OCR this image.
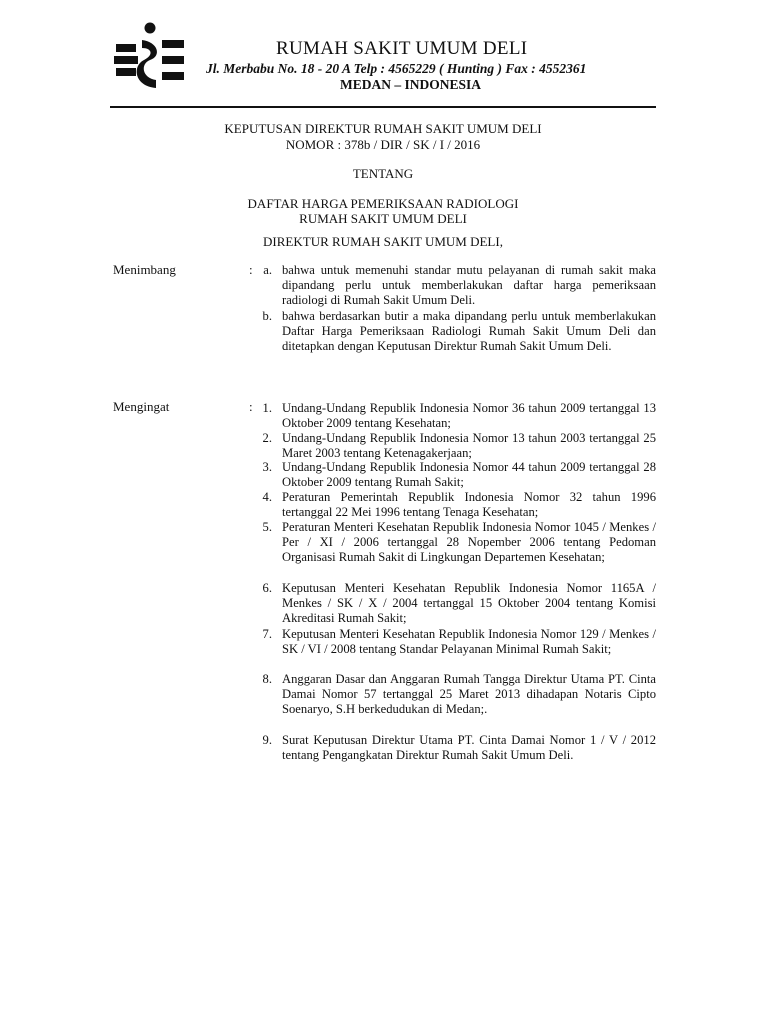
RUMAH SAKIT UMUM DELI
Jl. Merbabu No. 18 - 20 A Telp : 4565229 ( Hunting ) Fax : 4552361
MEDAN – INDONESIA
KEPUTUSAN DIREKTUR RUMAH SAKIT UMUM DELI
NOMOR : 378b / DIR / SK / I / 2016
TENTANG
DAFTAR HARGA PEMERIKSAAN RADIOLOGI
RUMAH SAKIT UMUM DELI
DIREKTUR RUMAH SAKIT UMUM DELI,
Menimbang	: a. bahwa untuk memenuhi standar mutu pelayanan di rumah sakit maka dipandang perlu untuk memberlakukan daftar harga pemeriksaan radiologi di Rumah Sakit Umum Deli.
b. bahwa berdasarkan butir a maka dipandang perlu untuk memberlakukan Daftar Harga Pemeriksaan Radiologi Rumah Sakit Umum Deli dan ditetapkan dengan Keputusan Direktur Rumah Sakit Umum Deli.
Mengingat	: 1. Undang-Undang Republik Indonesia Nomor 36 tahun 2009 tertanggal 13 Oktober 2009 tentang Kesehatan;
2. Undang-Undang Republik Indonesia Nomor 13 tahun 2003 tertanggal 25 Maret 2003 tentang Ketenagakerjaan;
3. Undang-Undang Republik Indonesia Nomor 44 tahun 2009 tertanggal 28 Oktober 2009 tentang Rumah Sakit;
4. Peraturan Pemerintah Republik Indonesia Nomor 32 tahun 1996 tertanggal 22 Mei 1996 tentang Tenaga Kesehatan;
5. Peraturan Menteri Kesehatan Republik Indonesia Nomor 1045 / Menkes / Per / XI / 2006 tertanggal 28 Nopember 2006 tentang Pedoman Organisasi Rumah Sakit di Lingkungan Departemen Kesehatan;
6. Keputusan Menteri Kesehatan Republik Indonesia Nomor 1165A / Menkes / SK / X / 2004 tertanggal 15 Oktober 2004 tentang Komisi Akreditasi Rumah Sakit;
7. Keputusan Menteri Kesehatan Republik Indonesia Nomor 129 / Menkes / SK / VI / 2008 tentang Standar Pelayanan Minimal Rumah Sakit;
8. Anggaran Dasar dan Anggaran Rumah Tangga Direktur Utama PT. Cinta Damai Nomor 57 tertanggal 25 Maret 2013 dihadapan Notaris Cipto Soenaryo, S.H berkedudukan di Medan;.
9. Surat Keputusan Direktur Utama PT. Cinta Damai Nomor 1 / V / 2012 tentang Pengangkatan Direktur Rumah Sakit Umum Deli.
